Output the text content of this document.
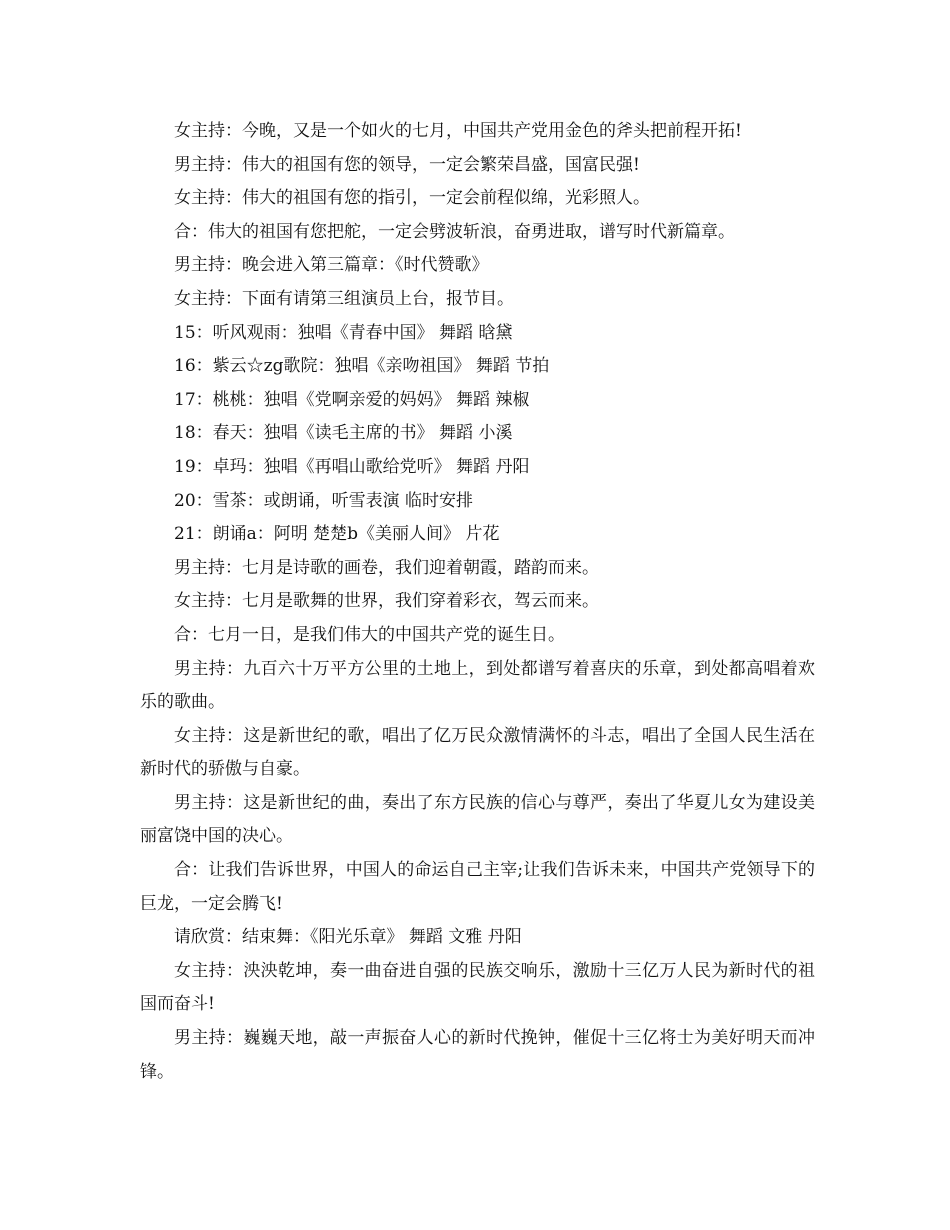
女主持：今晚，又是一个如火的七月，中国共产党用金色的斧头把前程开拓!

男主持：伟大的祖国有您的领导，一定会繁荣昌盛，国富民强!

女主持：伟大的祖国有您的指引，一定会前程似绵，光彩照人。

合：伟大的祖国有您把舵，一定会劈波斩浪，奋勇进取，谱写时代新篇章。

男主持：晚会进入第三篇章：《时代赞歌》

女主持：下面有请第三组演员上台，报节目。

15：听风观雨：独唱《青春中国》 舞蹈 晗黛

16：紫云☆zg歌院：独唱《亲吻祖国》 舞蹈 节拍

17：桃桃：独唱《党啊亲爱的妈妈》 舞蹈 辣椒

18：春天：独唱《读毛主席的书》 舞蹈 小溪

19：卓玛：独唱《再唱山歌给党听》 舞蹈 丹阳

20：雪茶：或朗诵，听雪表演 临时安排

21：朗诵a：阿明 楚楚b《美丽人间》 片花

男主持：七月是诗歌的画卷，我们迎着朝霞，踏韵而来。

女主持：七月是歌舞的世界，我们穿着彩衣，驾云而来。

合：七月一日，是我们伟大的中国共产党的诞生日。

男主持：九百六十万平方公里的土地上，到处都谱写着喜庆的乐章，到处都高唱着欢乐的歌曲。

女主持：这是新世纪的歌，唱出了亿万民众激情满怀的斗志，唱出了全国人民生活在新时代的骄傲与自豪。

男主持：这是新世纪的曲，奏出了东方民族的信心与尊严，奏出了华夏儿女为建设美丽富饶中国的决心。

合：让我们告诉世界，中国人的命运自己主宰;让我们告诉未来，中国共产党领导下的巨龙，一定会腾飞!

请欣赏：结束舞：《阳光乐章》 舞蹈 文雅 丹阳

女主持：泱泱乾坤，奏一曲奋进自强的民族交响乐，激励十三亿万人民为新时代的祖国而奋斗!

男主持：巍巍天地，敲一声振奋人心的新时代挽钟，催促十三亿将士为美好明天而冲锋。
